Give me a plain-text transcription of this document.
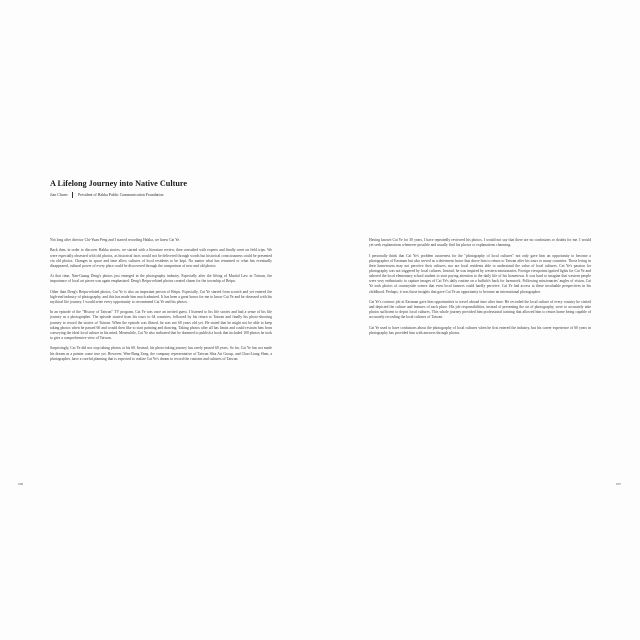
A Lifelong Journey into Native Culture
Jian Chuen	President of Hakka Public Communication Foundation

Not long after director Chi-Yuan Peng and I started recording Hakka, we knew Cai Ye.

Back then, in order to discover Hakka stories, we started with a literature review, then consulted with experts and finally went on field trips. We were especially obsessed with old photos, as historical facts would not be delivered through words but historical consciousness could be presented via old photos. Changes in space and time allow cultures of local residents to be kept. No matter what has remained or what has eventually disappeared, cultural power of every place could be discovered through the comparison of new and old photos.

At that time, Nan-Guang Deng's photos just emerged in the photography industry. Especially after the lifting of Martial Law in Taiwan, the importance of local art pieces was again emphasized. Deng's Beipu-related photos created charm for the township of Beipu.

Other than Deng's Beipu-related photos, Cai Ye is also an important person of Beipu. Especially, Cai Ye started from scratch and yet entered the high-end industry of photography, and this has made him much admired. It has been a great honor for me to know Cai Ye and be obsessed with his mythical life journey. I would seize every opportunity to recommend Cai Ye and his photos.

In an episode of the "History of Taiwan" TV program, Cai Ye was once an invited guest. I listened to his life stories and had a sense of his life journey as a photographer. The episode started from his tours to 64 countries, followed by his return to Taiwan and finally his photo-shooting journey to record the stories of Taiwan. When the episode was filmed, he was not 60 years old yet. He stated that he might not be able to keep taking photos when he passed 60 and would then like to start painting and drawing. Taking photos after all has limits and could restrain him from conveying the ideal local culture in his mind. Meanwhile, Cai Ye also indicated that he dreamed to publish a book that included 100 photos he took to give a comprehensive view of Taiwan.

Surprisingly, Cai Ye did not stop taking photos at his 60. Instead, his photo-taking journey has rarely passed 60 years. So far, Cai Ye has not made his dream as a painter come true yet. However, Wen-Bang Zeng, the company representative of Taiwan Shia Art Group, and Chao-Liang Shen, a photographer, have a careful planning that is expected to realize Cai Ye's dream to record the customs and cultures of Taiwan.

Having known Cai Ye for 30 years, I have repeatedly reviewed his photos. I would not say that there are no confusions or doubts for me. I would yet seek explanations whenever possible and usually find his photos or explanations charming.

I personally think that Cai Ye's problem awareness for the "photography of local cultures" not only gave him an opportunity to become a photographer of Eastman but also served as a determent factor that drove him to return to Taiwan after his tours to many countries. Those living in their hometowns may not perceive their cultures, nor are local residents able to understand the value of local cultures. Cai Ye's passion for photography was not triggered by local cultures. Instead, he was inspired by western missionaries. Foreign viewpoints ignited lights for Cai Ye and ushered the local elementary school student to start paying attention to the daily life of his hometown. It was hard to imagine that western people were very enthusiastic to capture images of Cai Ye's daily routine on a buffalo's back for farmwork. Following missionaries' angles of vision, Cai Ye took photos of countryside scenes that even local farmers could hardly perceive. Cai Ye had access to these invaluable perspectives in his childhood. Perhaps, it was those insights that gave Cai Ye an opportunity to become an international photographer.

Cai Ye's contract job at Eastman gave him opportunities to travel abroad time after time. He recorded the local culture of every country he visited and depicted the culture and features of each place. His job responsibilities, instead of presenting the art of photography, were to accurately take photos sufficient to depict local cultures. This whole journey provided him professional training that allowed him to return home being capable of accurately recording the local cultures of Taiwan.

Cai Ye used to have confusions about the photography of local cultures when he first entered the industry, but his career experience of 60 years in photography has provided him with answers through photos.

006	007
